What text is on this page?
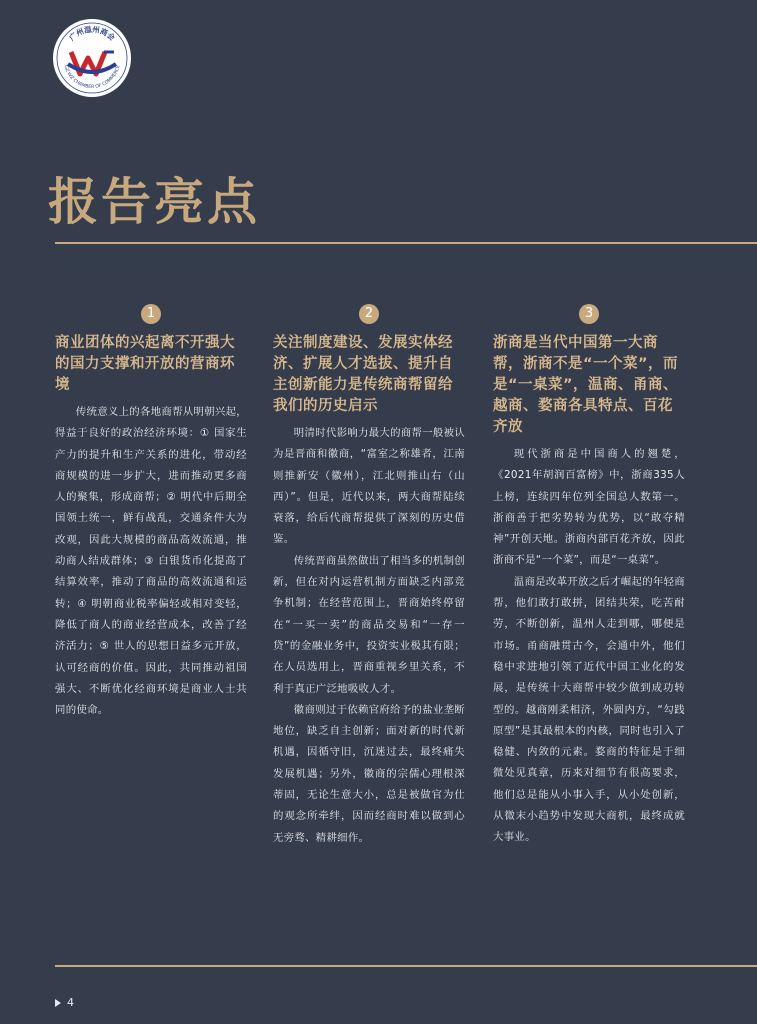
广州温州商会
GZ WZ CHAMBER OF COMMERCE
报告亮点
1
商业团体的兴起离不开强大的国力支撑和开放的营商环境

传统意义上的各地商帮从明朝兴起，得益于良好的政治经济环境：① 国家生产力的提升和生产关系的进化，带动经商规模的进一步扩大，进而推动更多商人的聚集，形成商帮；② 明代中后期全国领土统一，鲜有战乱，交通条件大为改观，因此大规模的商品高效流通，推动商人结成群体；③ 白银货币化提高了结算效率，推动了商品的高效流通和运转；④ 明朝商业税率偏轻或相对变轻，降低了商人的商业经营成本，改善了经济活力；⑤ 世人的思想日益多元开放，认可经商的价值。因此，共同推动祖国强大、不断优化经商环境是商业人士共同的使命。

2
关注制度建设、发展实体经济、扩展人才选拔、提升自主创新能力是传统商帮留给我们的历史启示

明清时代影响力最大的商帮一般被认为是晋商和徽商，“富室之称雄者，江南则推新安（徽州），江北则推山右（山西）”。但是，近代以来，两大商帮陆续衰落，给后代商帮提供了深刻的历史借鉴。

传统晋商虽然做出了相当多的机制创新，但在对内运营机制方面缺乏内部竞争机制；在经营范围上，晋商始终停留在“一买一卖”的商品交易和“一存一贷”的金融业务中，投资实业极其有限；在人员选用上，晋商重视乡里关系，不利于真正广泛地吸收人才。

徽商则过于依赖官府给予的盐业垄断地位，缺乏自主创新；面对新的时代新机遇，因循守旧，沉迷过去，最终痛失发展机遇；另外，徽商的宗儒心理根深蒂固，无论生意大小，总是被做官为仕的观念所牵绊，因而经商时难以做到心无旁骛、精耕细作。

3
浙商是当代中国第一大商帮，浙商不是“一个菜”，而是“一桌菜”，温商、甬商、越商、婺商各具特点、百花齐放

现代浙商是中国商人的翘楚，《2021年胡润百富榜》中，浙商335人上榜，连续四年位列全国总人数第一。浙商善于把劣势转为优势，以“敢夺精神”开创天地。浙商内部百花齐放，因此浙商不是“一个菜”，而是“一桌菜”。

温商是改革开放之后才崛起的年轻商帮，他们敢打敢拼，团结共荣，吃苦耐劳，不断创新，温州人走到哪，哪便是市场。甬商融贯古今，会通中外，他们稳中求进地引领了近代中国工业化的发展，是传统十大商帮中较少做到成功转型的。越商刚柔相济，外圆内方，“勾践原型”是其最根本的内核，同时也引入了稳健、内敛的元素。婺商的特征是于细微处见真章，历来对细节有很高要求，他们总是能从小事入手，从小处创新，从微末小趋势中发现大商机，最终成就大事业。

4
